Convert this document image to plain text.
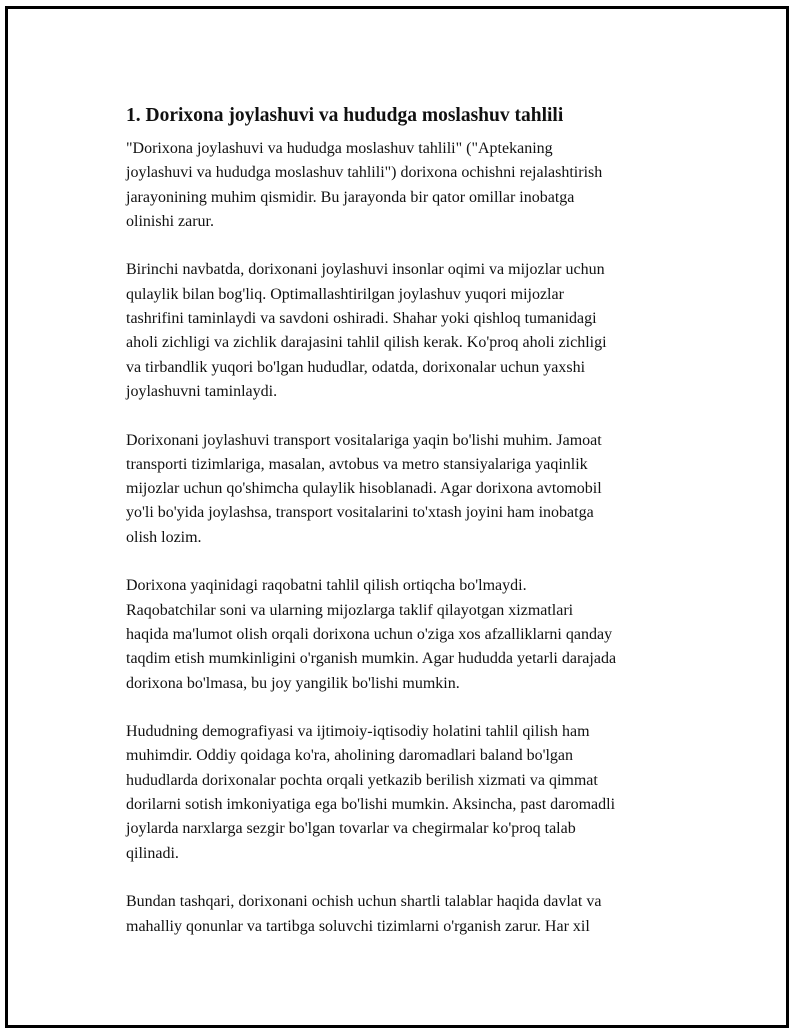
1. Dorixona joylashuvi va hududga moslashuv tahlili

"Dorixona joylashuvi va hududga moslashuv tahlili" ("Aptekaning
joylashuvi va hududga moslashuv tahlili") dorixona ochishni rejalashtirish
jarayonining muhim qismidir. Bu jarayonda bir qator omillar inobatga
olinishi zarur.

Birinchi navbatda, dorixonani joylashuvi insonlar oqimi va mijozlar uchun
qulaylik bilan bog'liq. Optimallashtirilgan joylashuv yuqori mijozlar
tashrifini taminlaydi va savdoni oshiradi. Shahar yoki qishloq tumanidagi
aholi zichligi va zichlik darajasini tahlil qilish kerak. Ko'proq aholi zichligi
va tirbandlik yuqori bo'lgan hududlar, odatda, dorixonalar uchun yaxshi
joylashuvni taminlaydi.

Dorixonani joylashuvi transport vositalariga yaqin bo'lishi muhim. Jamoat
transporti tizimlariga, masalan, avtobus va metro stansiyalariga yaqinlik
mijozlar uchun qo'shimcha qulaylik hisoblanadi. Agar dorixona avtomobil
yo'li bo'yida joylashsa, transport vositalarini to'xtash joyini ham inobatga
olish lozim.

Dorixona yaqinidagi raqobatni tahlil qilish ortiqcha bo'lmaydi.
Raqobatchilar soni va ularning mijozlarga taklif qilayotgan xizmatlari
haqida ma'lumot olish orqali dorixona uchun o'ziga xos afzalliklarni qanday
taqdim etish mumkinligini o'rganish mumkin. Agar hududda yetarli darajada
dorixona bo'lmasa, bu joy yangilik bo'lishi mumkin.

Hududning demografiyasi va ijtimoiy-iqtisodiy holatini tahlil qilish ham
muhimdir. Oddiy qoidaga ko'ra, aholining daromadlari baland bo'lgan
hududlarda dorixonalar pochta orqali yetkazib berilish xizmati va qimmat
dorilarni sotish imkoniyatiga ega bo'lishi mumkin. Aksincha, past daromadli
joylarda narxlarga sezgir bo'lgan tovarlar va chegirmalar ko'proq talab
qilinadi.

Bundan tashqari, dorixonani ochish uchun shartli talablar haqida davlat va
mahalliy qonunlar va tartibga soluvchi tizimlarni o'rganish zarur. Har xil
